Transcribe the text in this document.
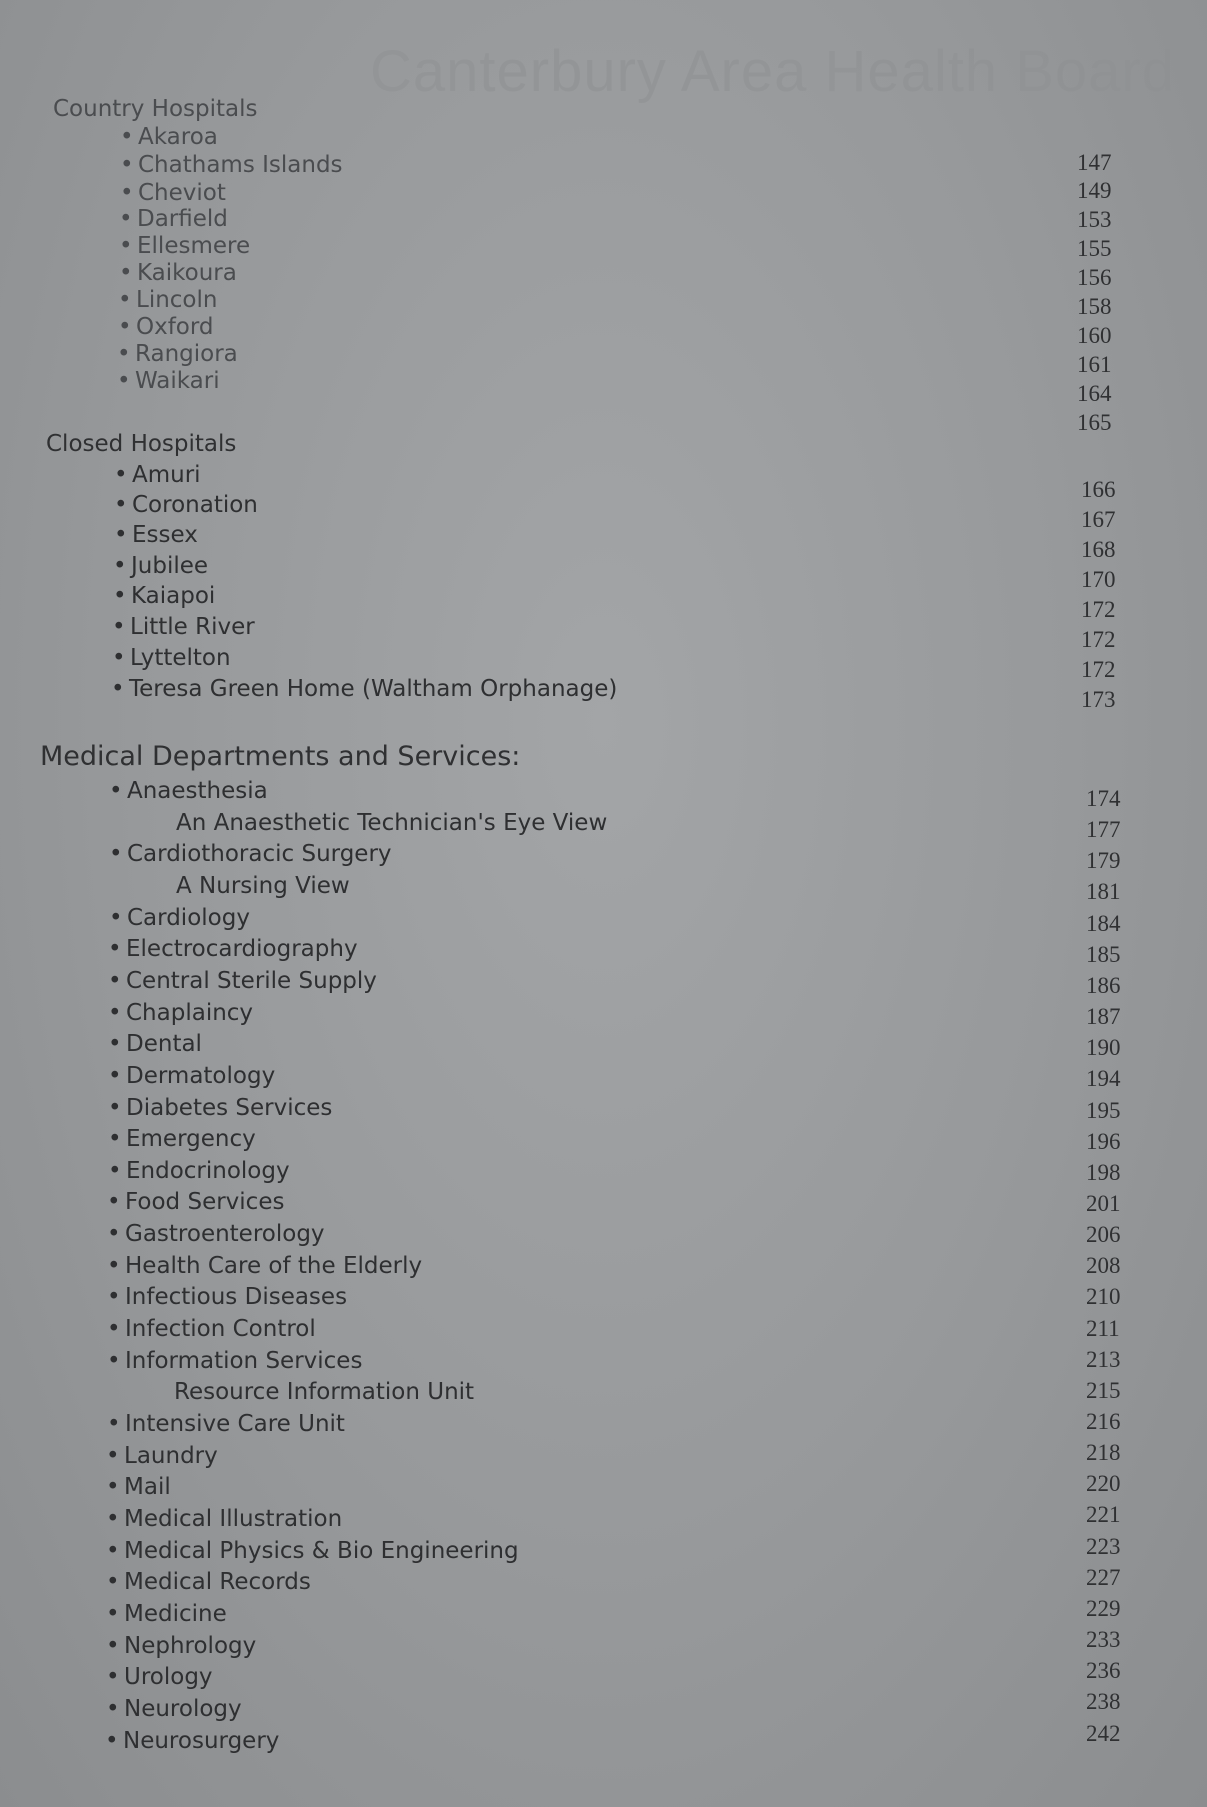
Canterbury Area Health Board
Country Hospitals
• Akaroa
• Chathams Islands
• Cheviot
• Darfield
• Ellesmere
• Kaikoura
• Lincoln
• Oxford
• Rangiora
• Waikari
147
149
153
155
156
158
160
161
164
165
Closed Hospitals
• Amuri
• Coronation
• Essex
• Jubilee
• Kaiapoi
• Little River
• Lyttelton
• Teresa Green Home (Waltham Orphanage)
166
167
168
170
172
172
172
173
Medical Departments and Services:
• Anaesthesia
An Anaesthetic Technician's Eye View
• Cardiothoracic Surgery
A Nursing View
• Cardiology
• Electrocardiography
• Central Sterile Supply
• Chaplaincy
• Dental
• Dermatology
• Diabetes Services
• Emergency
• Endocrinology
• Food Services
• Gastroenterology
• Health Care of the Elderly
• Infectious Diseases
• Infection Control
• Information Services
Resource Information Unit
• Intensive Care Unit
• Laundry
• Mail
• Medical Illustration
• Medical Physics & Bio Engineering
• Medical Records
• Medicine
• Nephrology
• Urology
• Neurology
• Neurosurgery
174
177
179
181
184
185
186
187
190
194
195
196
198
201
206
208
210
211
213
215
216
218
220
221
223
227
229
233
236
238
242
